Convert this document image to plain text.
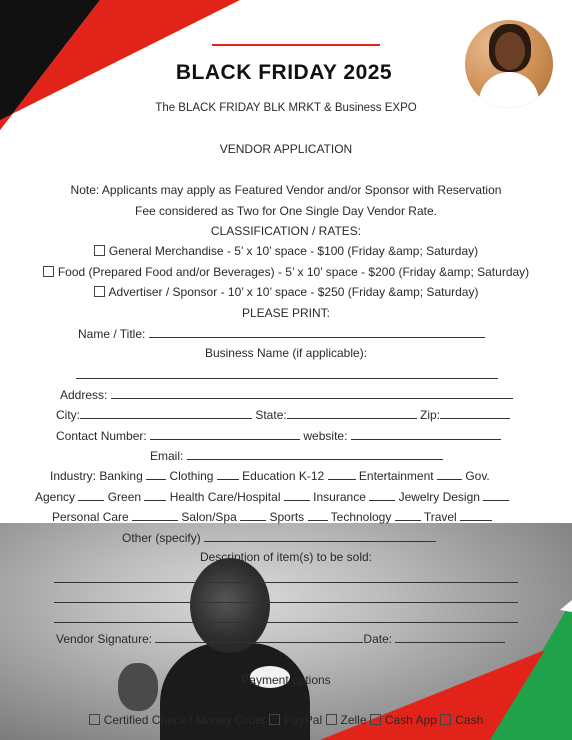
BLACK FRIDAY 2025
The BLACK FRIDAY BLK MRKT & Business EXPO
VENDOR APPLICATION
Note: Applicants may apply as Featured Vendor and/or Sponsor with Reservation
Fee considered as Two for One Single Day Vendor Rate.
CLASSIFICATION / RATES:
General Merchandise - 5’ x 10’ space - $100 (Friday &amp; Saturday)
Food (Prepared Food and/or Beverages) - 5’ x 10’ space - $200 (Friday &amp; Saturday)
Advertiser / Sponsor - 10’ x 10’ space - $250 (Friday &amp; Saturday)
PLEASE PRINT:
Name / Title:
Business Name (if applicable):
Address:
City:	State:	Zip:
Contact Number:	website:
Email:
Industry: Banking Clothing Education K-12	Entertainment	Gov.
Agency	Green Health Care/Hospital	Insurance	Jewelry Design
Personal Care	Salon/Spa	Sports Technology	Travel
Other (specify)
Description of item(s) to be sold:
Vendor Signature:	Date:
Payment options
Certified Check / Money Order PayPal Zelle Cash App Cash
